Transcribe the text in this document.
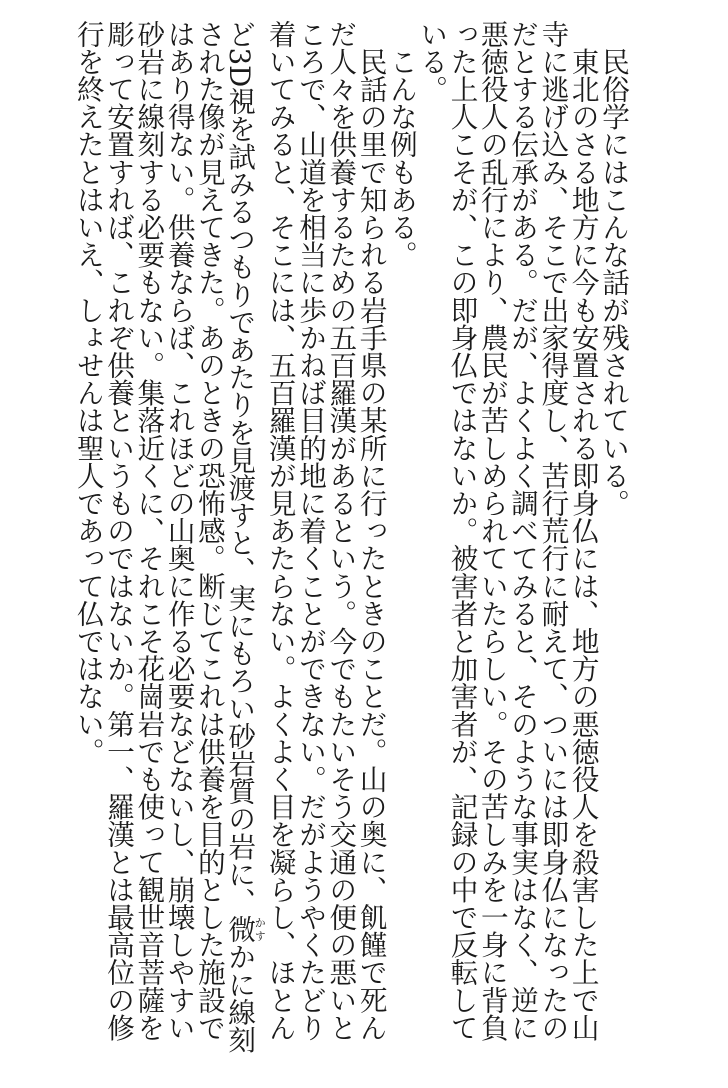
　民俗学にはこんな話が残されている。

　東北のさる地方に今も安置される即身仏には、地方の悪徳役人を殺害した上で山寺に逃げ込み、そこで出家得度し、苦行荒行に耐えて、ついには即身仏になったのだとする伝承がある。だが、よくよく調べてみると、そのような事実はなく、逆に悪徳役人の乱行により、農民が苦しめられていたらしい。その苦しみを一身に背負った上人こそが、この即身仏ではないか。被害者と加害者が、記録の中で反転している。

　こんな例もある。

　民話の里で知られる岩手県の某所に行ったときのことだ。山の奥に、飢饉で死んだ人々を供養するための五百羅漢があるという。今でもたいそう交通の便の悪いところで、山道を相当に歩かねば目的地に着くことができない。だがようやくたどり着いてみると、そこには、五百羅漢が見あたらない。よくよく目を凝らし、ほとんど3D視を試みるつもりであたりを見渡すと、実にもろい砂岩質の岩に、微かすかに線刻された像が見えてきた。あのときの恐怖感。断じてこれは供養を目的とした施設ではあり得ない。供養ならば、これほどの山奥に作る必要などないし、崩壊しやすい砂岩に線刻する必要もない。集落近くに、それこそ花崗岩でも使って観世音菩薩を彫って安置すれば、これぞ供養というものではないか。第一、羅漢とは最高位の修行を終えたとはいえ、しょせんは聖人であって仏ではない。
